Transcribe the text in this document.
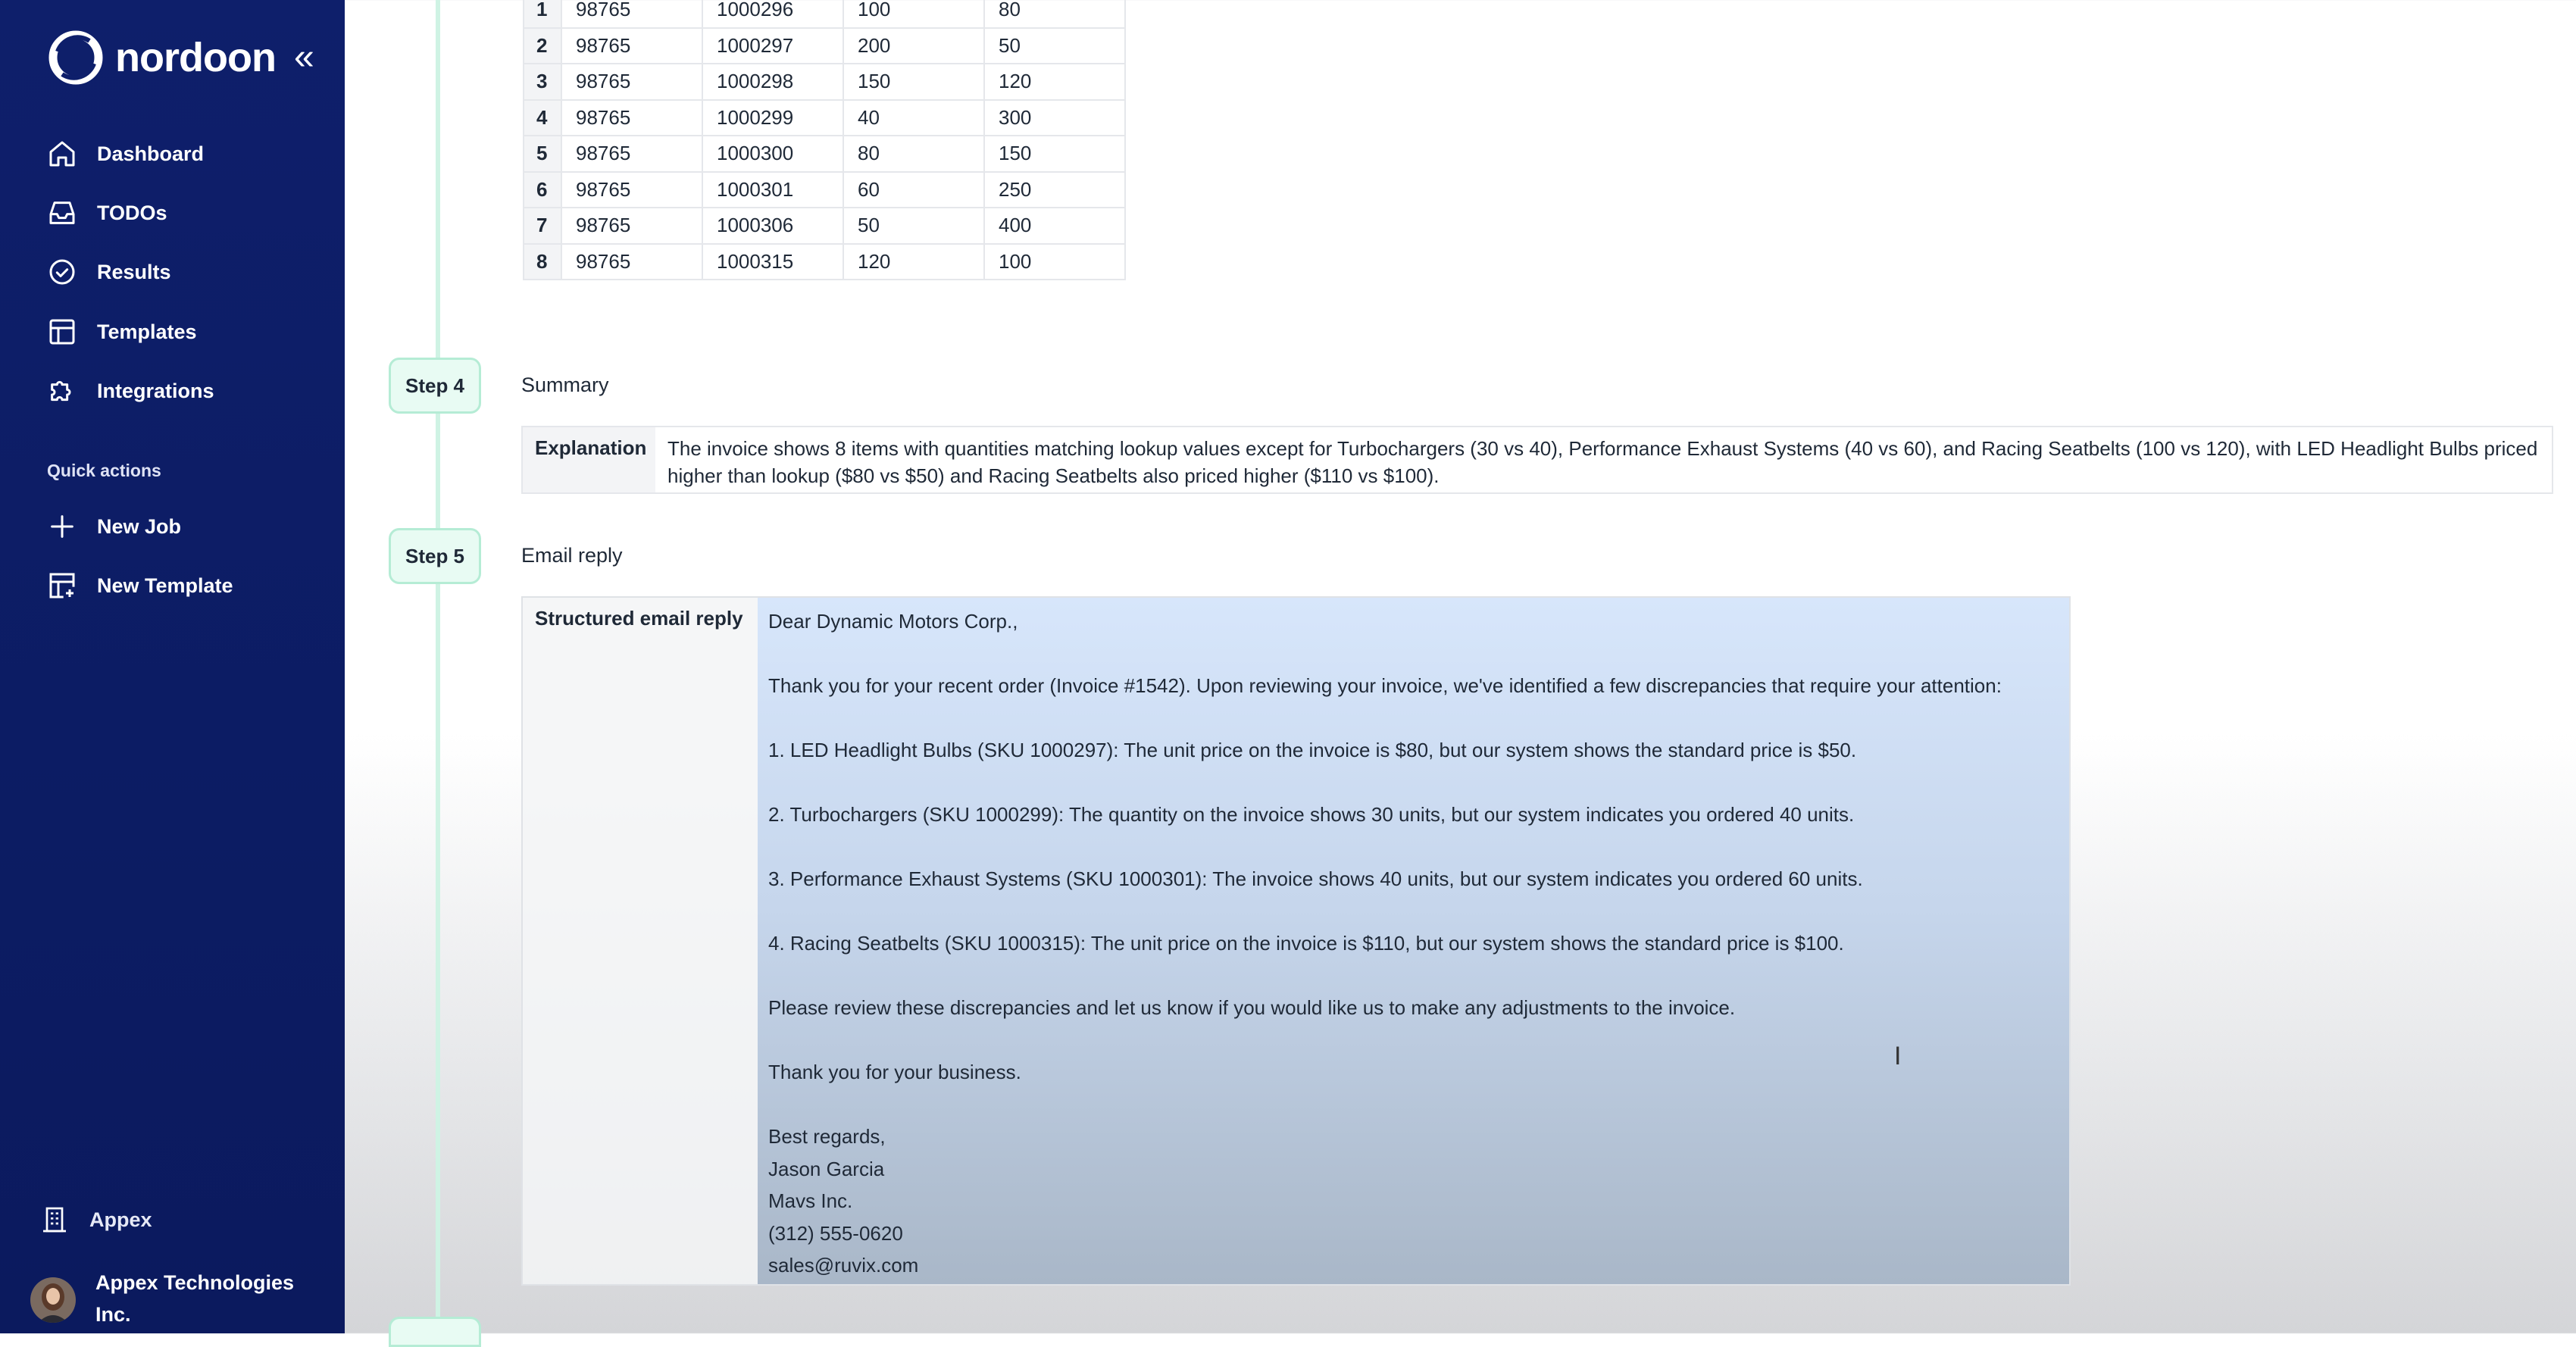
nordoon «
Dashboard
TODOs
Results
Templates
Integrations
Quick actions
New Job
New Template
Appex
Appex Technologies Inc.
1	98765	1000296	100	80
2	98765	1000297	200	50
3	98765	1000298	150	120
4	98765	1000299	40	300
5	98765	1000300	80	150
6	98765	1000301	60	250
7	98765	1000306	50	400
8	98765	1000315	120	100
Step 4	Summary
Explanation	The invoice shows 8 items with quantities matching lookup values except for Turbochargers (30 vs 40), Performance Exhaust Systems (40 vs 60), and Racing Seatbelts (100 vs 120), with LED Headlight Bulbs priced higher than lookup ($80 vs $50) and Racing Seatbelts also priced higher ($110 vs $100).
Step 5	Email reply
Structured email reply	Dear Dynamic Motors Corp.,

Thank you for your recent order (Invoice #1542). Upon reviewing your invoice, we've identified a few discrepancies that require your attention:

1. LED Headlight Bulbs (SKU 1000297): The unit price on the invoice is $80, but our system shows the standard price is $50.

2. Turbochargers (SKU 1000299): The quantity on the invoice shows 30 units, but our system indicates you ordered 40 units.

3. Performance Exhaust Systems (SKU 1000301): The invoice shows 40 units, but our system indicates you ordered 60 units.

4. Racing Seatbelts (SKU 1000315): The unit price on the invoice is $110, but our system shows the standard price is $100.

Please review these discrepancies and let us know if you would like us to make any adjustments to the invoice.

Thank you for your business.

Best regards,

Jason Garcia

Mavs Inc.

(312) 555-0620

sales@ruvix.com

I
